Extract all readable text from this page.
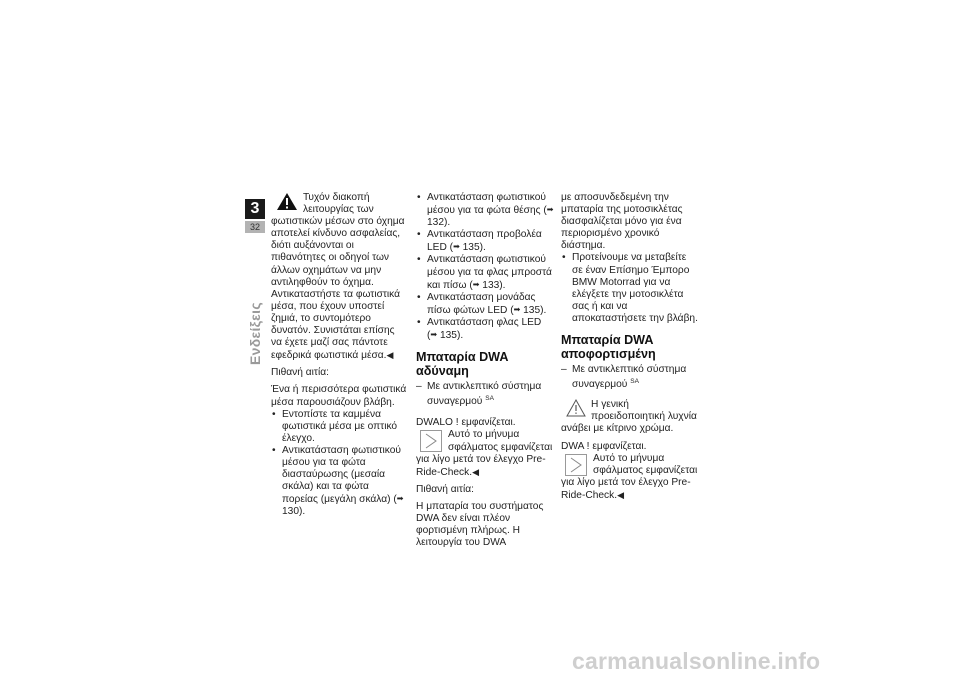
3
32
Ενδείξεις

Τυχόν διακοπή λειτουργίας των φωτιστικών μέσων στο όχημα αποτελεί κίνδυνο ασφαλείας, διότι αυξάνονται οι πιθανότητες οι οδηγοί των άλλων οχημάτων να μην αντιληφθούν το όχημα.

Αντικαταστήστε τα φωτιστικά μέσα, που έχουν υποστεί ζημιά, το συντομότερο δυνατόν. Συνιστάται επίσης να έχετε μαζί σας πάντοτε εφεδρικά φωτιστικά μέσα.◀

Πιθανή αιτία:

Ένα ή περισσότερα φωτιστικά μέσα παρουσιάζουν βλάβη.

• Εντοπίστε τα καμμένα φωτιστικά μέσα με οπτικό έλεγχο.

• Αντικατάσταση φωτιστικού μέσου για τα φώτα διασταύρωσης (μεσαία σκάλα) και τα φώτα πορείας (μεγάλη σκάλα) (➡ 130).

• Αντικατάσταση φωτιστικού μέσου για τα φώτα θέσης (➡ 132).

• Αντικατάσταση προβολέα LED (➡ 135).

• Αντικατάσταση φωτιστικού μέσου για τα φλας μπροστά και πίσω (➡ 133).

• Αντικατάσταση μονάδας πίσω φώτων LED (➡ 135).

• Αντικατάσταση φλας LED (➡ 135).

Μπαταρία DWA αδύναμη

– Με αντικλεπτικό σύστημα συναγερμού $^{SA}$

DWALO ! εμφανίζεται.

Αυτό το μήνυμα σφάλματος εμφανίζεται για λίγο μετά τον έλεγχο Pre-Ride-Check.◀

Πιθανή αιτία:

Η μπαταρία του συστήματος DWA δεν είναι πλέον φορτισμένη πλήρως. Η λειτουργία του DWA

με αποσυνδεδεμένη την μπαταρία της μοτοσικλέτας διασφαλίζεται μόνο για ένα περιορισμένο χρονικό διάστημα.

• Προτείνουμε να μεταβείτε σε έναν Επίσημο Έμπορο BMW Motorrad για να ελέγξετε την μοτοσικλέτα σας ή και να αποκαταστήσετε την βλάβη.

Μπαταρία DWA
αποφορτισμένη

– Με αντικλεπτικό σύστημα συναγερμού $^{SA}$

Η γενική προειδοποιητική λυχνία ανάβει με κίτρινο χρώμα.

DWA ! εμφανίζεται.

Αυτό το μήνυμα σφάλματος εμφανίζεται για λίγο μετά τον έλεγχο Pre-Ride-Check.◀

carmanualsonline.info
